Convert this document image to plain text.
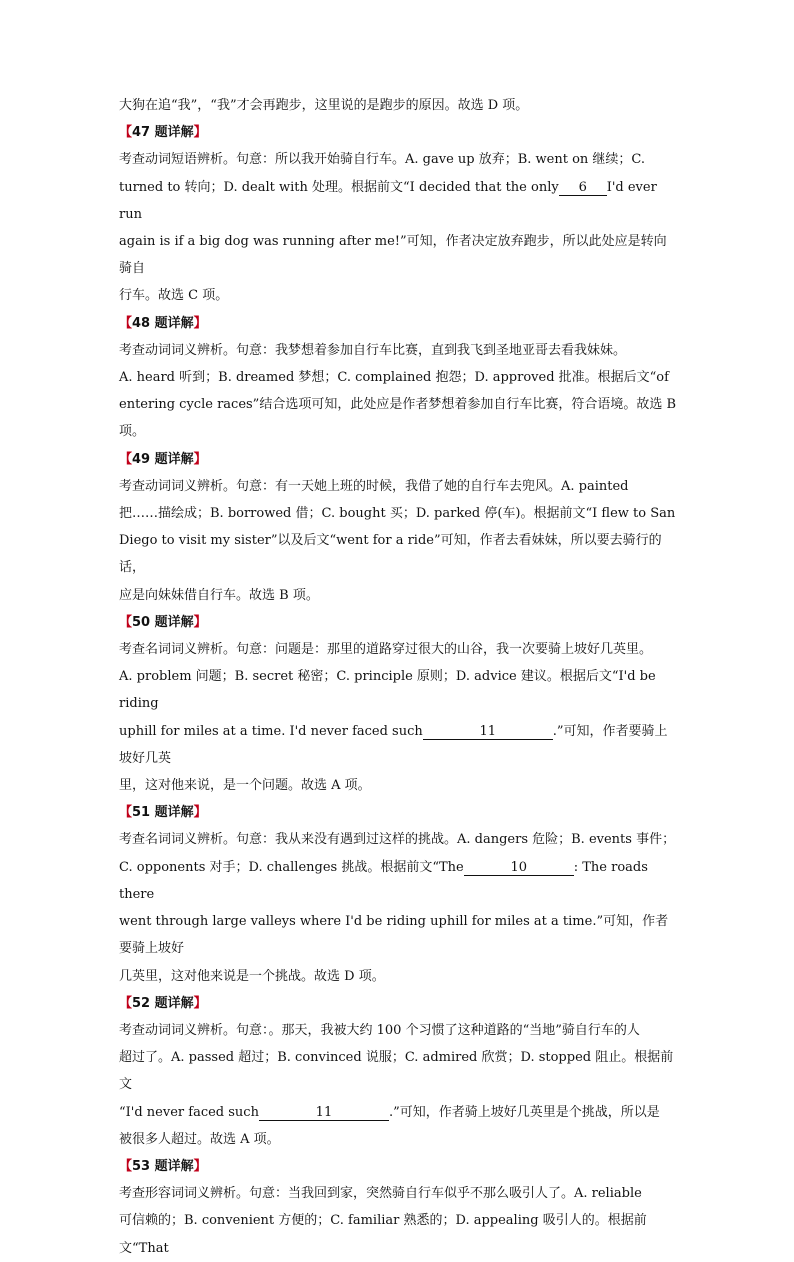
大狗在追“我”，“我”才会再跑步，这里说的是跑步的原因。故选 D 项。

【47 题详解】

考查动词短语辨析。句意：所以我开始骑自行车。A. gave up 放弃；B. went on 继续；C.

turned to 转向；D. dealt with 处理。根据前文“I decided that the only 6 I'd ever run

again is if a big dog was running after me!”可知，作者决定放弃跑步，所以此处应是转向骑自

行车。故选 C 项。

【48 题详解】

考查动词词义辨析。句意：我梦想着参加自行车比赛，直到我飞到圣地亚哥去看我妹妹。

A. heard 听到；B. dreamed 梦想；C. complained 抱怨；D. approved 批准。根据后文“of

entering cycle races”结合选项可知，此处应是作者梦想着参加自行车比赛，符合语境。故选 B

项。

【49 题详解】

考查动词词义辨析。句意：有一天她上班的时候，我借了她的自行车去兜风。A. painted

把……描绘成；B. borrowed 借；C. bought 买；D. parked 停(车)。根据前文“I flew to San

Diego to visit my sister”以及后文“went for a ride”可知，作者去看妹妹，所以要去骑行的话，

应是向妹妹借自行车。故选 B 项。

【50 题详解】

考查名词词义辨析。句意：问题是：那里的道路穿过很大的山谷，我一次要骑上坡好几英里。

A. problem 问题；B. secret 秘密；C. principle 原则；D. advice 建议。根据后文“I'd be riding

uphill for miles at a time. I'd never faced such	11	.”可知，作者要骑上坡好几英

里，这对他来说，是一个问题。故选 A 项。

【51 题详解】

考查名词词义辨析。句意：我从来没有遇到过这样的挑战。A. dangers 危险；B. events 事件；

C. opponents 对手；D. challenges 挑战。根据前文“The	10	: The roads there

went through large valleys where I'd be riding uphill for miles at a time.”可知，作者要骑上坡好

几英里，这对他来说是一个挑战。故选 D 项。

【52 题详解】

考查动词词义辨析。句意：。那天，我被大约 100 个习惯了这种道路的“当地”骑自行车的人

超过了。A. passed 超过；B. convinced 说服；C. admired 欣赏；D. stopped 阻止。根据前文

“I'd never faced such	11	.”可知，作者骑上坡好几英里是个挑战，所以是

被很多人超过。故选 A 项。

【53 题详解】

考查形容词词义辨析。句意：当我回到家，突然骑自行车似乎不那么吸引人了。A. reliable

可信赖的；B. convenient 方便的；C. familiar 熟悉的；D. appealing 吸引人的。根据前文“That
